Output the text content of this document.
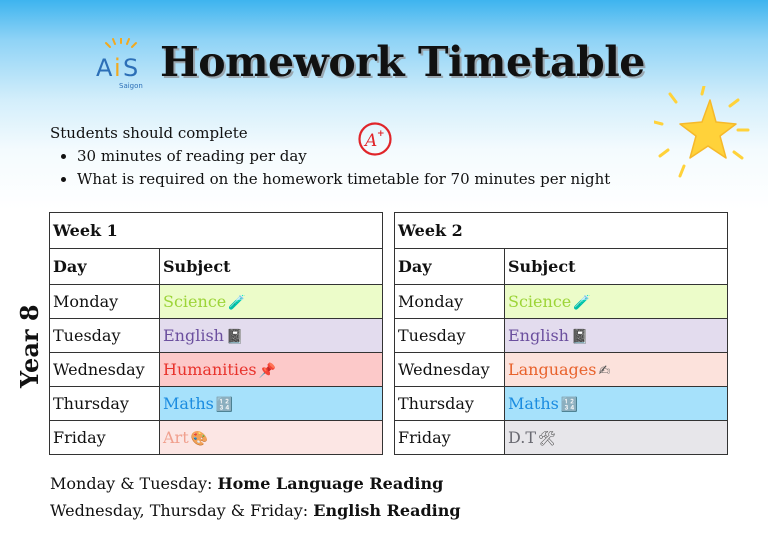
A i S
Saigon Homework Timetable
A +
Students should complete
• 30 minutes of reading per day
• What is required on the homework timetable for 70 minutes per night
Year 8
Week 1	
Day	Subject
Monday	Science 🧪
Tuesday	English 📓
Wednesday	Humanities 📌
Thursday	Maths 🔢
Friday	Art 🎨
Week 2	
Day	Subject
Monday	Science 🧪
Tuesday	English 📓
Wednesday	Languages ✍
Thursday	Maths 🔢
Friday	D.T 🛠
Monday & Tuesday: Home Language Reading
Wednesday, Thursday & Friday: English Reading
